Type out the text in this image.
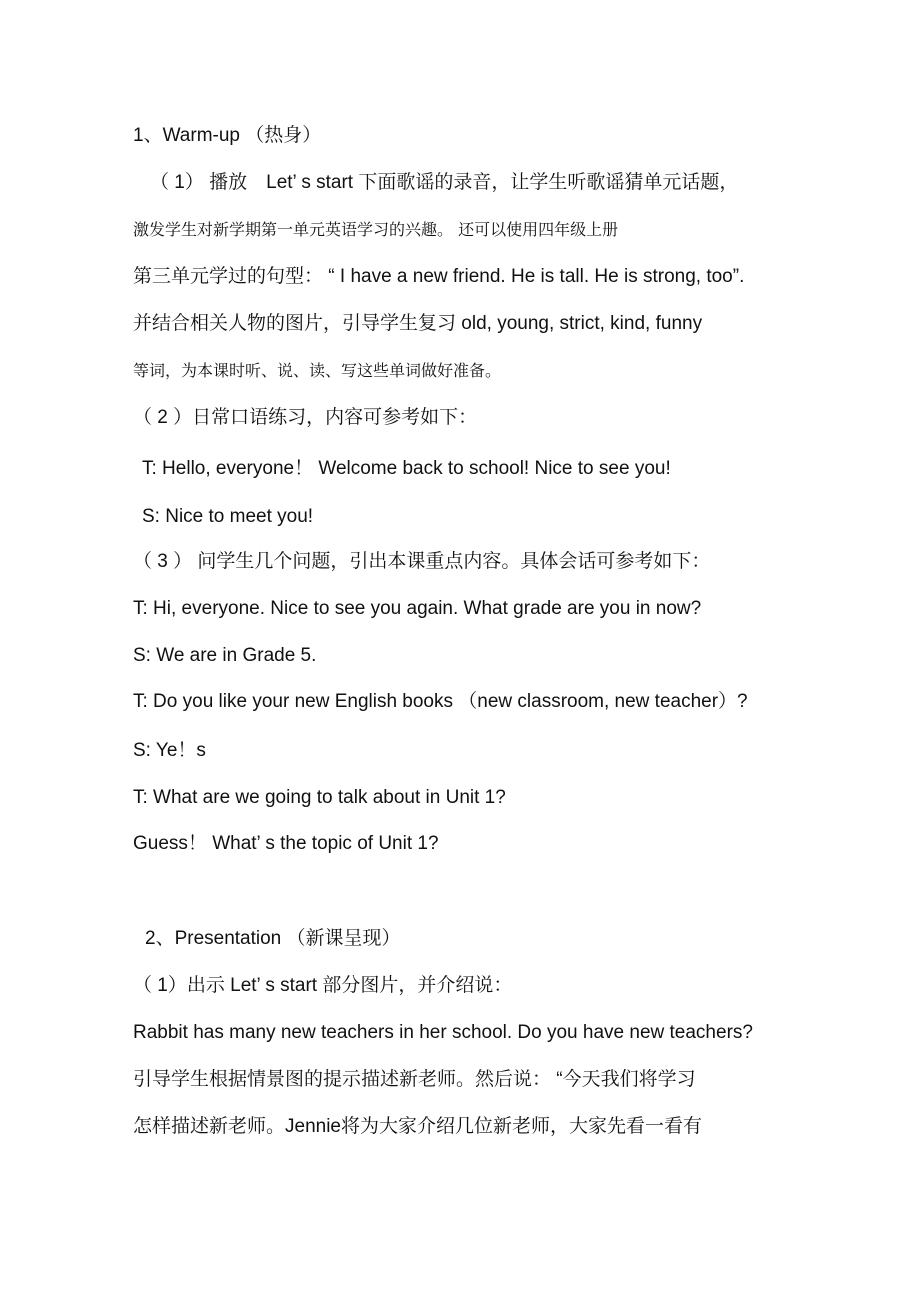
1、Warm-up （热身）
（ 1） 播放　Let’ s start 下面歌谣的录音，让学生听歌谣猜单元话题，
激发学生对新学期第一单元英语学习的兴趣。 还可以使用四年级上册
第三单元学过的句型： “ I have a new friend. He is tall. He is strong, too”.
并结合相关人物的图片，引导学生复习 old, young, strict, kind, funny
等词，为本课时听、说、读、写这些单词做好准备。
（ 2 ）日常口语练习，内容可参考如下：
T: Hello, everyone！ Welcome back to school! Nice to see you!
S: Nice to meet you!
（ 3 ） 问学生几个问题，引出本课重点内容。具体会话可参考如下：
T: Hi, everyone. Nice to see you again. What grade are you in now?
S: We are in Grade 5.
T: Do you like your new English books （new classroom, new teacher）?
S: Ye！s
T: What are we going to talk about in Unit 1?
Guess！ What’ s the topic of Unit 1?
2、Presentation （新课呈现）
（ 1）出示 Let’ s start 部分图片，并介绍说：
Rabbit has many new teachers in her school. Do you have new teachers?
引导学生根据情景图的提示描述新老师。然后说： “今天我们将学习
怎样描述新老师。Jennie将为大家介绍几位新老师，大家先看一看有
